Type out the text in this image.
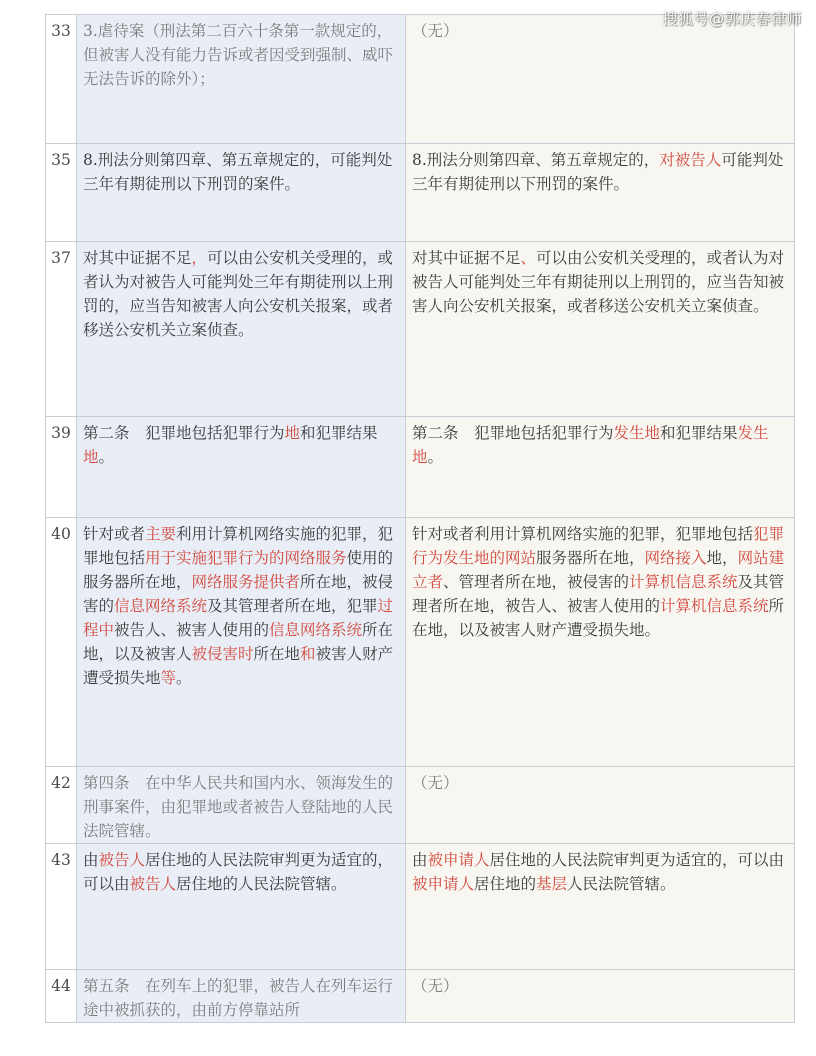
搜狐号@郭庆春律师
33	3.虐待案（刑法第二百六十条第一款规定的，但被害人没有能力告诉或者因受到强制、威吓无法告诉的除外）；	（无）
35	8.刑法分则第四章、第五章规定的，可能判处三年有期徒刑以下刑罚的案件。	8.刑法分则第四章、第五章规定的，对被告人可能判处三年有期徒刑以下刑罚的案件。
37	对其中证据不足，可以由公安机关受理的，或者认为对被告人可能判处三年有期徒刑以上刑罚的，应当告知被害人向公安机关报案，或者移送公安机关立案侦查。	对其中证据不足、可以由公安机关受理的，或者认为对被告人可能判处三年有期徒刑以上刑罚的，应当告知被害人向公安机关报案，或者移送公安机关立案侦查。
39	第二条　犯罪地包括犯罪行为地和犯罪结果地。	第二条　犯罪地包括犯罪行为发生地和犯罪结果发生地。
40	针对或者主要利用计算机网络实施的犯罪，犯罪地包括用于实施犯罪行为的网络服务使用的服务器所在地，网络服务提供者所在地，被侵害的信息网络系统及其管理者所在地，犯罪过程中被告人、被害人使用的信息网络系统所在地，以及被害人被侵害时所在地和被害人财产遭受损失地等。	针对或者利用计算机网络实施的犯罪，犯罪地包括犯罪行为发生地的网站服务器所在地，网络接入地，网站建立者、管理者所在地，被侵害的计算机信息系统及其管理者所在地，被告人、被害人使用的计算机信息系统所在地，以及被害人财产遭受损失地。
42	第四条　在中华人民共和国内水、领海发生的刑事案件，由犯罪地或者被告人登陆地的人民法院管辖。	（无）
43	由被告人居住地的人民法院审判更为适宜的，可以由被告人居住地的人民法院管辖。	由被申请人居住地的人民法院审判更为适宜的，可以由被申请人居住地的基层人民法院管辖。
44	第五条　在列车上的犯罪，被告人在列车运行途中被抓获的，由前方停靠站所	（无）
